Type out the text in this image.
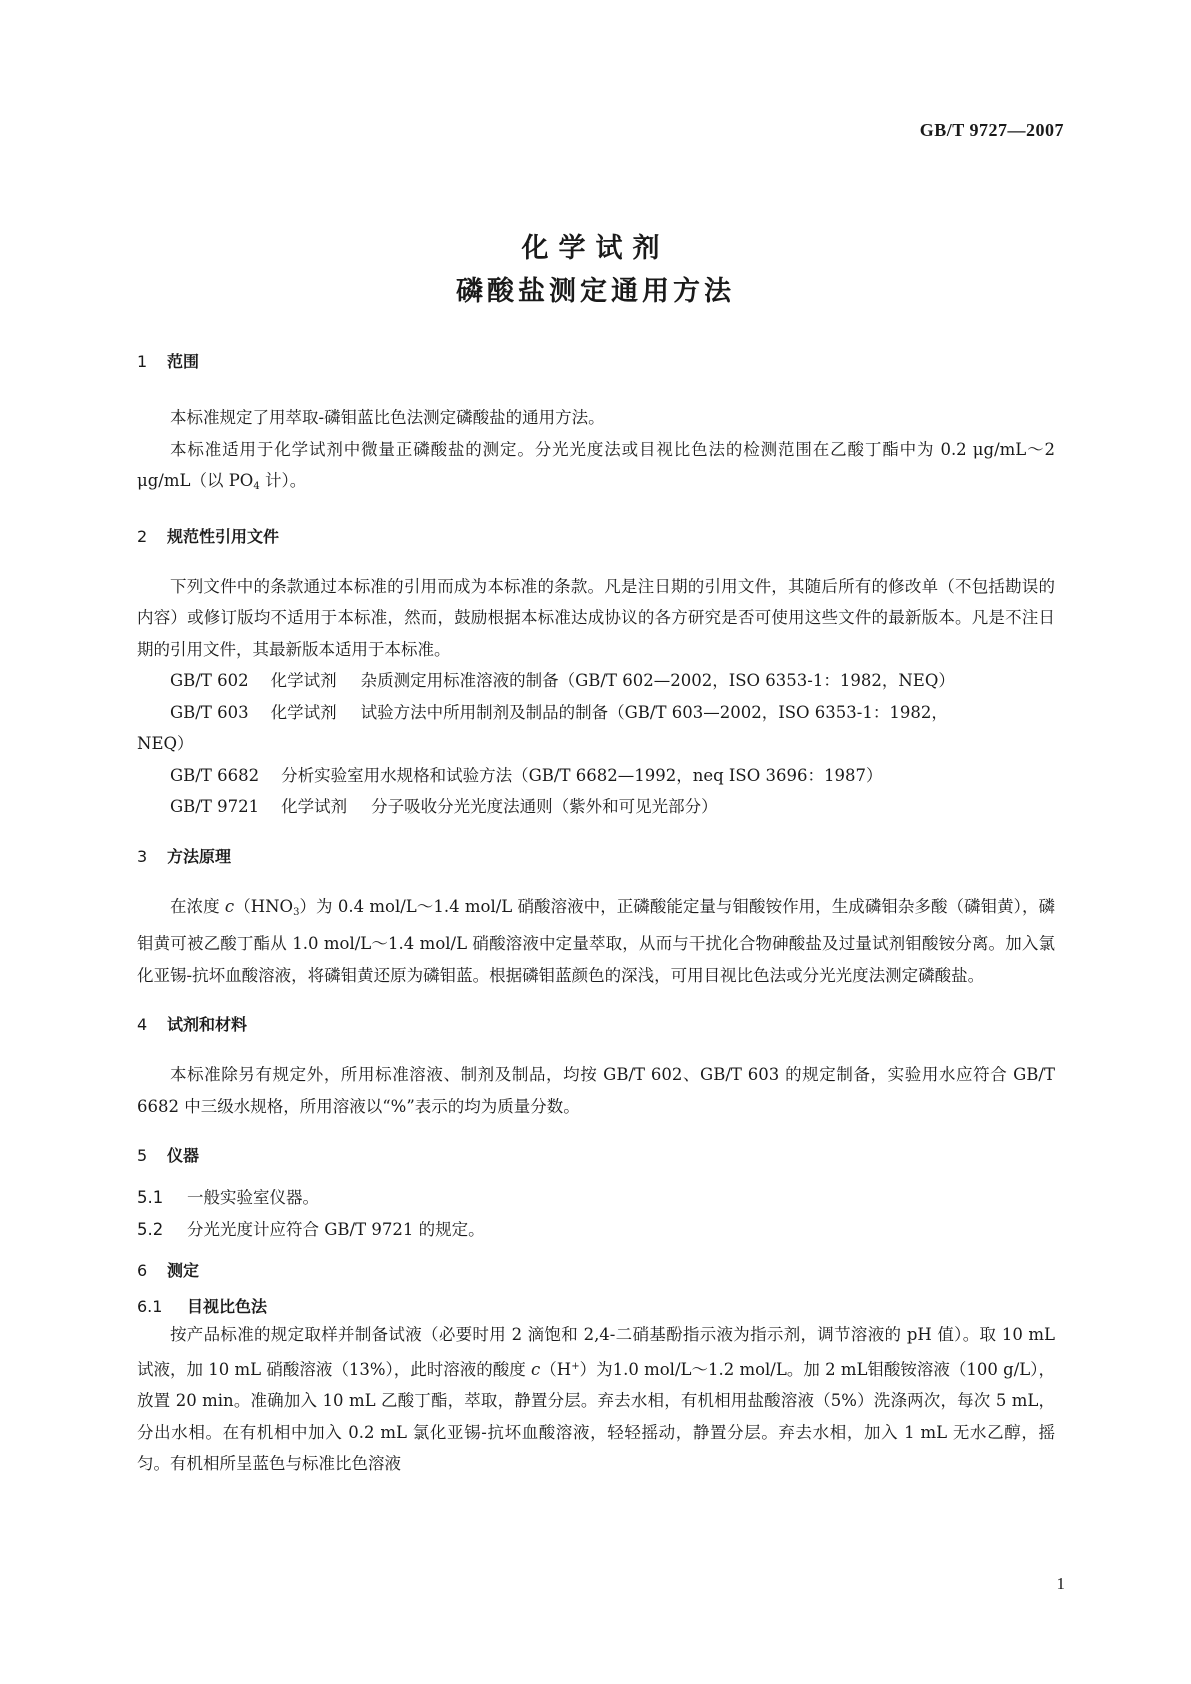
GB/T 9727—2007

化学试剂
磷酸盐测定通用方法
1 范围

本标准规定了用萃取-磷钼蓝比色法测定磷酸盐的通用方法。

本标准适用于化学试剂中微量正磷酸盐的测定。分光光度法或目视比色法的检测范围在乙酸丁酯中为 0.2 μg/mL～2 μg/mL（以 $PO_4$ 计）。

2 规范性引用文件

下列文件中的条款通过本标准的引用而成为本标准的条款。凡是注日期的引用文件，其随后所有的修改单（不包括勘误的内容）或修订版均不适用于本标准，然而，鼓励根据本标准达成协议的各方研究是否可使用这些文件的最新版本。凡是不注日期的引用文件，其最新版本适用于本标准。

GB/T 602 化学试剂 杂质测定用标准溶液的制备（GB/T 602—2002，ISO 6353-1：1982，NEQ）

GB/T 603 化学试剂 试验方法中所用制剂及制品的制备（GB/T 603—2002，ISO 6353-1：1982，

NEQ）

GB/T 6682 分析实验室用水规格和试验方法（GB/T 6682—1992，neq ISO 3696：1987）

GB/T 9721 化学试剂 分子吸收分光光度法通则（紫外和可见光部分）

3 方法原理

在浓度 $c(HNO_3)$为 0.4 mol/L～1.4 mol/L 硝酸溶液中，正磷酸能定量与钼酸铵作用，生成磷钼杂多酸（磷钼黄），磷钼黄可被乙酸丁酯从 1.0 mol/L～1.4 mol/L 硝酸溶液中定量萃取，从而与干扰化合物砷酸盐及过量试剂钼酸铵分离。加入氯化亚锡-抗坏血酸溶液，将磷钼黄还原为磷钼蓝。根据磷钼蓝颜色的深浅，可用目视比色法或分光光度法测定磷酸盐。

4 试剂和材料

本标准除另有规定外，所用标准溶液、制剂及制品，均按 GB/T 602、GB/T 603 的规定制备，实验用水应符合 GB/T 6682 中三级水规格，所用溶液以“%”表示的均为质量分数。

5 仪器

5.1 一般实验室仪器。

5.2 分光光度计应符合 GB/T 9721 的规定。

6 测定
6.1 目视比色法

按产品标准的规定取样并制备试液（必要时用 2 滴饱和 2,4-二硝基酚指示液为指示剂，调节溶液的 pH 值）。取 10 mL 试液，加 10 mL 硝酸溶液（13%），此时溶液的酸度 c（H+）为1.0 mol/L～1.2 mol/L。加 2 mL钼酸铵溶液（100 g/L），放置 20 min。准确加入 10 mL 乙酸丁酯，萃取，静置分层。弃去水相，有机相用盐酸溶液（5%）洗涤两次，每次 5 mL，分出水相。在有机相中加入 0.2 mL 氯化亚锡-抗坏血酸溶液，轻轻摇动，静置分层。弃去水相，加入 1 mL 无水乙醇，摇匀。有机相所呈蓝色与标准比色溶液

1
